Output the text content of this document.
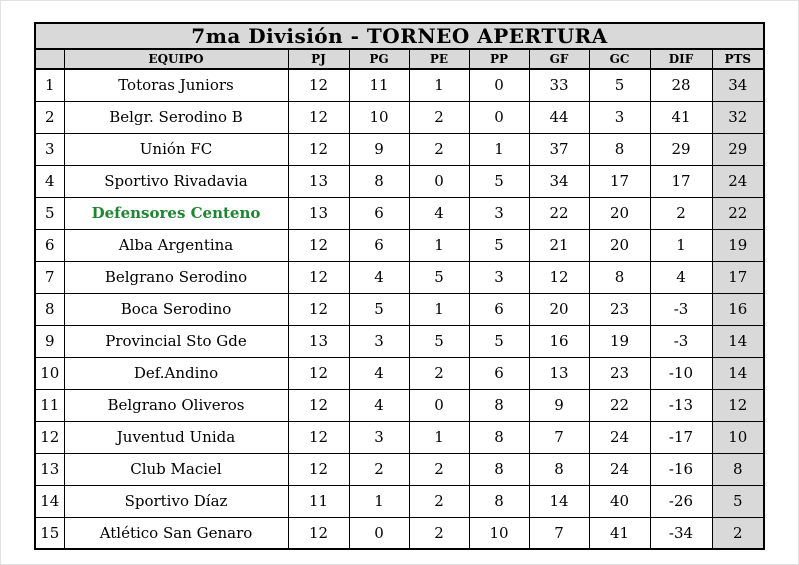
7ma División - TORNEO APERTURA									
	EQUIPO	PJ	PG	PE	PP	GF	GC	DIF	PTS
1	Totoras Juniors	12	11	1	0	33	5	28	34
2	Belgr. Serodino B	12	10	2	0	44	3	41	32
3	Unión FC	12	9	2	1	37	8	29	29
4	Sportivo Rivadavia	13	8	0	5	34	17	17	24
5	Defensores Centeno	13	6	4	3	22	20	2	22
6	Alba Argentina	12	6	1	5	21	20	1	19
7	Belgrano Serodino	12	4	5	3	12	8	4	17
8	Boca Serodino	12	5	1	6	20	23	-3	16
9	Provincial Sto Gde	13	3	5	5	16	19	-3	14
10	Def.Andino	12	4	2	6	13	23	-10	14
11	Belgrano Oliveros	12	4	0	8	9	22	-13	12
12	Juventud Unida	12	3	1	8	7	24	-17	10
13	Club Maciel	12	2	2	8	8	24	-16	8
14	Sportivo Díaz	11	1	2	8	14	40	-26	5
15	Atlético San Genaro	12	0	2	10	7	41	-34	2
